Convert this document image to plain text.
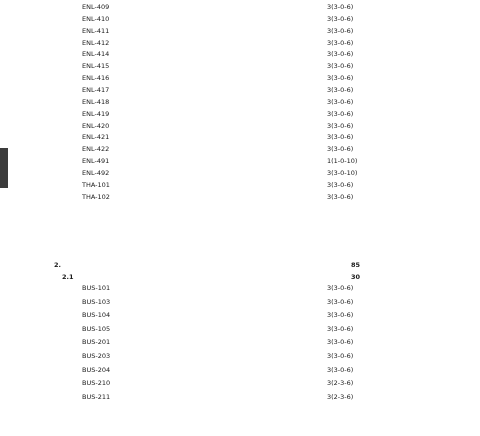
ENL-409	3(3-0-6)
ENL-410	3(3-0-6)
ENL-411	3(3-0-6)
ENL-412	3(3-0-6)
ENL-414	3(3-0-6)
ENL-415	3(3-0-6)
ENL-416	3(3-0-6)
ENL-417	3(3-0-6)
ENL-418	3(3-0-6)
ENL-419	3(3-0-6)
ENL-420	3(3-0-6)
ENL-421	3(3-0-6)
ENL-422	3(3-0-6)
ENL-491	1(1-0-10)
ENL-492	3(3-0-10)
THA-101	3(3-0-6)
THA-102	3(3-0-6)
2.	85
2.1	30
BUS-101	3(3-0-6)
BUS-103	3(3-0-6)
BUS-104	3(3-0-6)
BUS-105	3(3-0-6)
BUS-201	3(3-0-6)
BUS-203	3(3-0-6)
BUS-204	3(3-0-6)
BUS-210	3(2-3-6)
BUS-211	3(2-3-6)
